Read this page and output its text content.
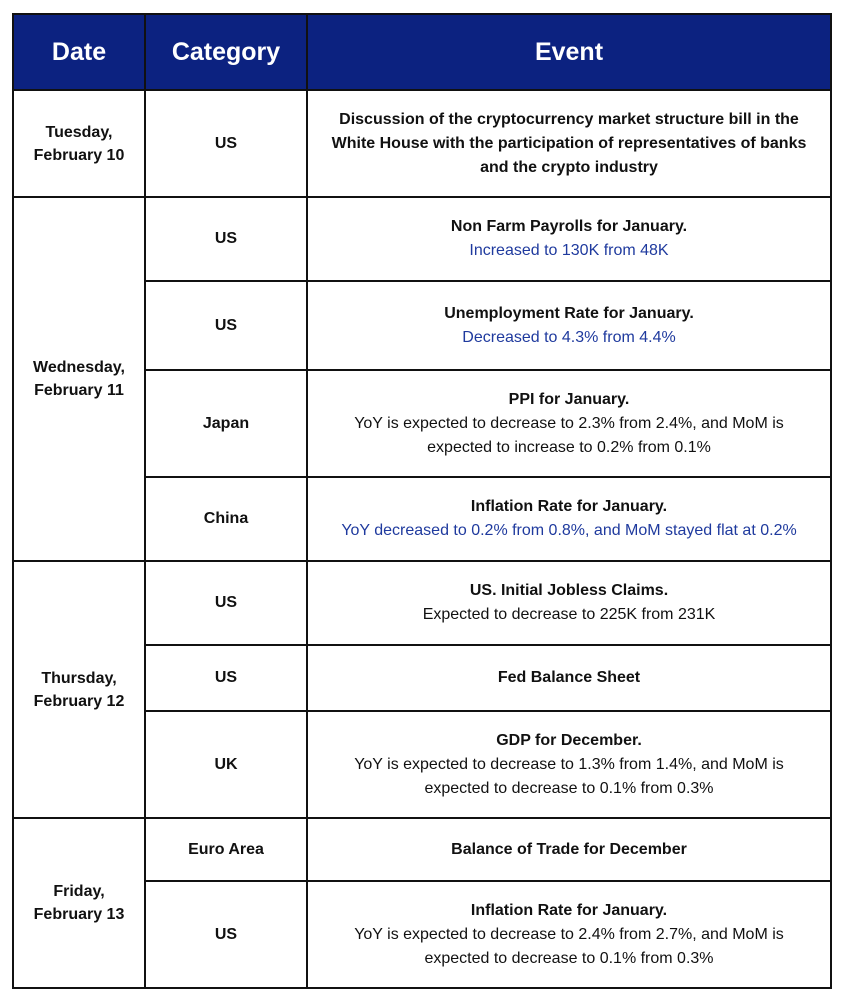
Date	Category	Event
Tuesday,
February 10	US	Discussion of the cryptocurrency market structure bill in the White House with the participation of representatives of banks and the crypto industry

Wednesday,
February 11	US	Non Farm Payrolls for January.
Increased to 130K from 48K

	US	Unemployment Rate for January.
Decreased to 4.3% from 4.4%

	Japan	PPI for January.
YoY is expected to decrease to 2.3% from 2.4%, and MoM is expected to increase to 0.2% from 0.1%

	China	Inflation Rate for January.
YoY decreased to 0.2% from 0.8%, and MoM stayed flat at 0.2%

Thursday,
February 12	US	US. Initial Jobless Claims.
Expected to decrease to 225K from 231K

	US	Fed Balance Sheet

	UK	GDP for December.
YoY is expected to decrease to 1.3% from 1.4%, and MoM is expected to decrease to 0.1% from 0.3%

Friday,
February 13	Euro Area	Balance of Trade for December

	US	Inflation Rate for January.
YoY is expected to decrease to 2.4% from 2.7%, and MoM is expected to decrease to 0.1% from 0.3%
